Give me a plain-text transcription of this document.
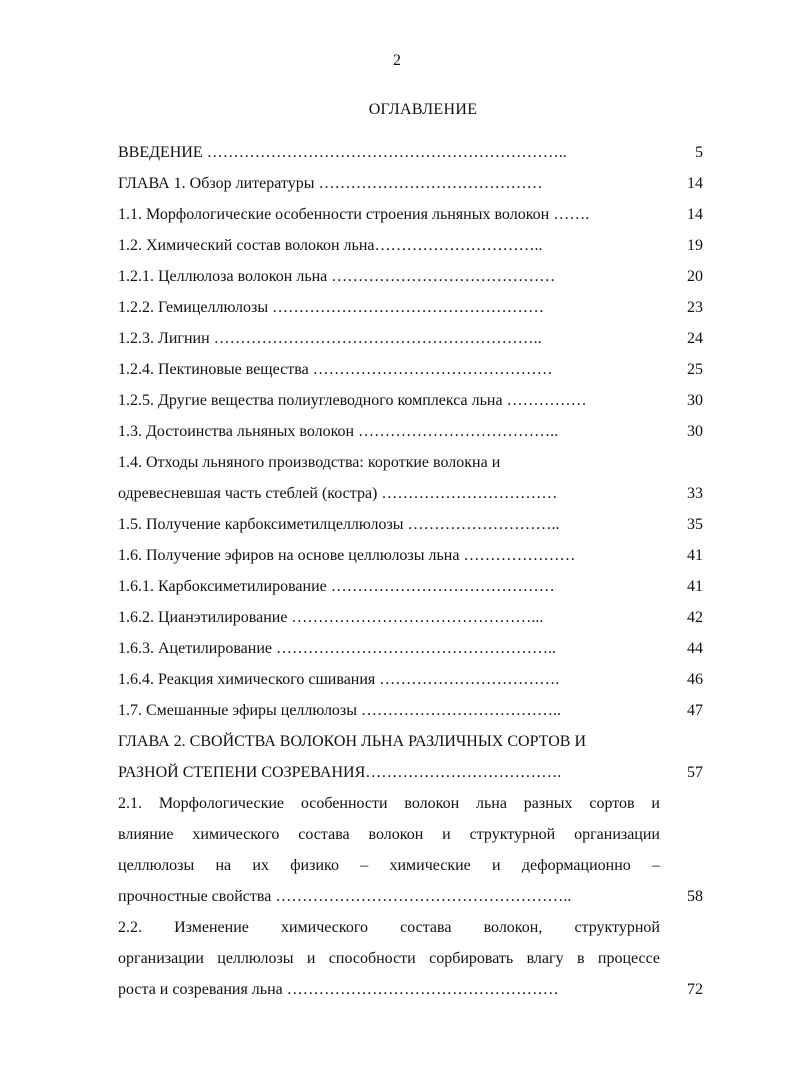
2
ОГЛАВЛЕНИЕ
ВВЕДЕНИЕ …………………………………………………………..	5
ГЛАВА 1. Обзор литературы ……………………………………	14
1.1. Морфологические особенности строения льняных волокон …….	14
1.2. Химический состав волокон льна…………………………..	19
1.2.1. Целлюлоза волокон льна ……………………………………	20
1.2.2. Гемицеллюлозы ……………………………………………	23
1.2.3. Лигнин ……………………………………………………..	24
1.2.4. Пектиновые вещества ………………………………………	25
1.2.5. Другие вещества полиуглеводного комплекса льна ……………	30
1.3. Достоинства льняных волокон ………………………………..	30
1.4. Отходы льняного производства: короткие волокна и
одревесневшая часть стеблей (костра) ……………………………	33
1.5. Получение карбоксиметилцеллюлозы ………………………..	35
1.6. Получение эфиров на основе целлюлозы льна …………………	41
1.6.1. Карбоксиметилирование ……………………………………	41
1.6.2. Цианэтилирование ………………………………………...	42
1.6.3. Ацетилирование ……………………………………………..	44
1.6.4. Реакция химического сшивания …………………………….	46
1.7. Смешанные эфиры целлюлозы ………………………………..	47
ГЛАВА 2. СВОЙСТВА ВОЛОКОН ЛЬНА РАЗЛИЧНЫХ СОРТОВ И
РАЗНОЙ СТЕПЕНИ СОЗРЕВАНИЯ……………………………….	57
2.1. Морфологические особенности волокон льна разных сортов и
влияние химического состава волокон и структурной организации
целлюлозы на их физико – химические и деформационно –
прочностные свойства ………………………………………………..	58
2.2. Изменение химического состава волокон, структурной
организации целлюлозы и способности сорбировать влагу в процессе
роста и созревания льна ……………………………………………	72
